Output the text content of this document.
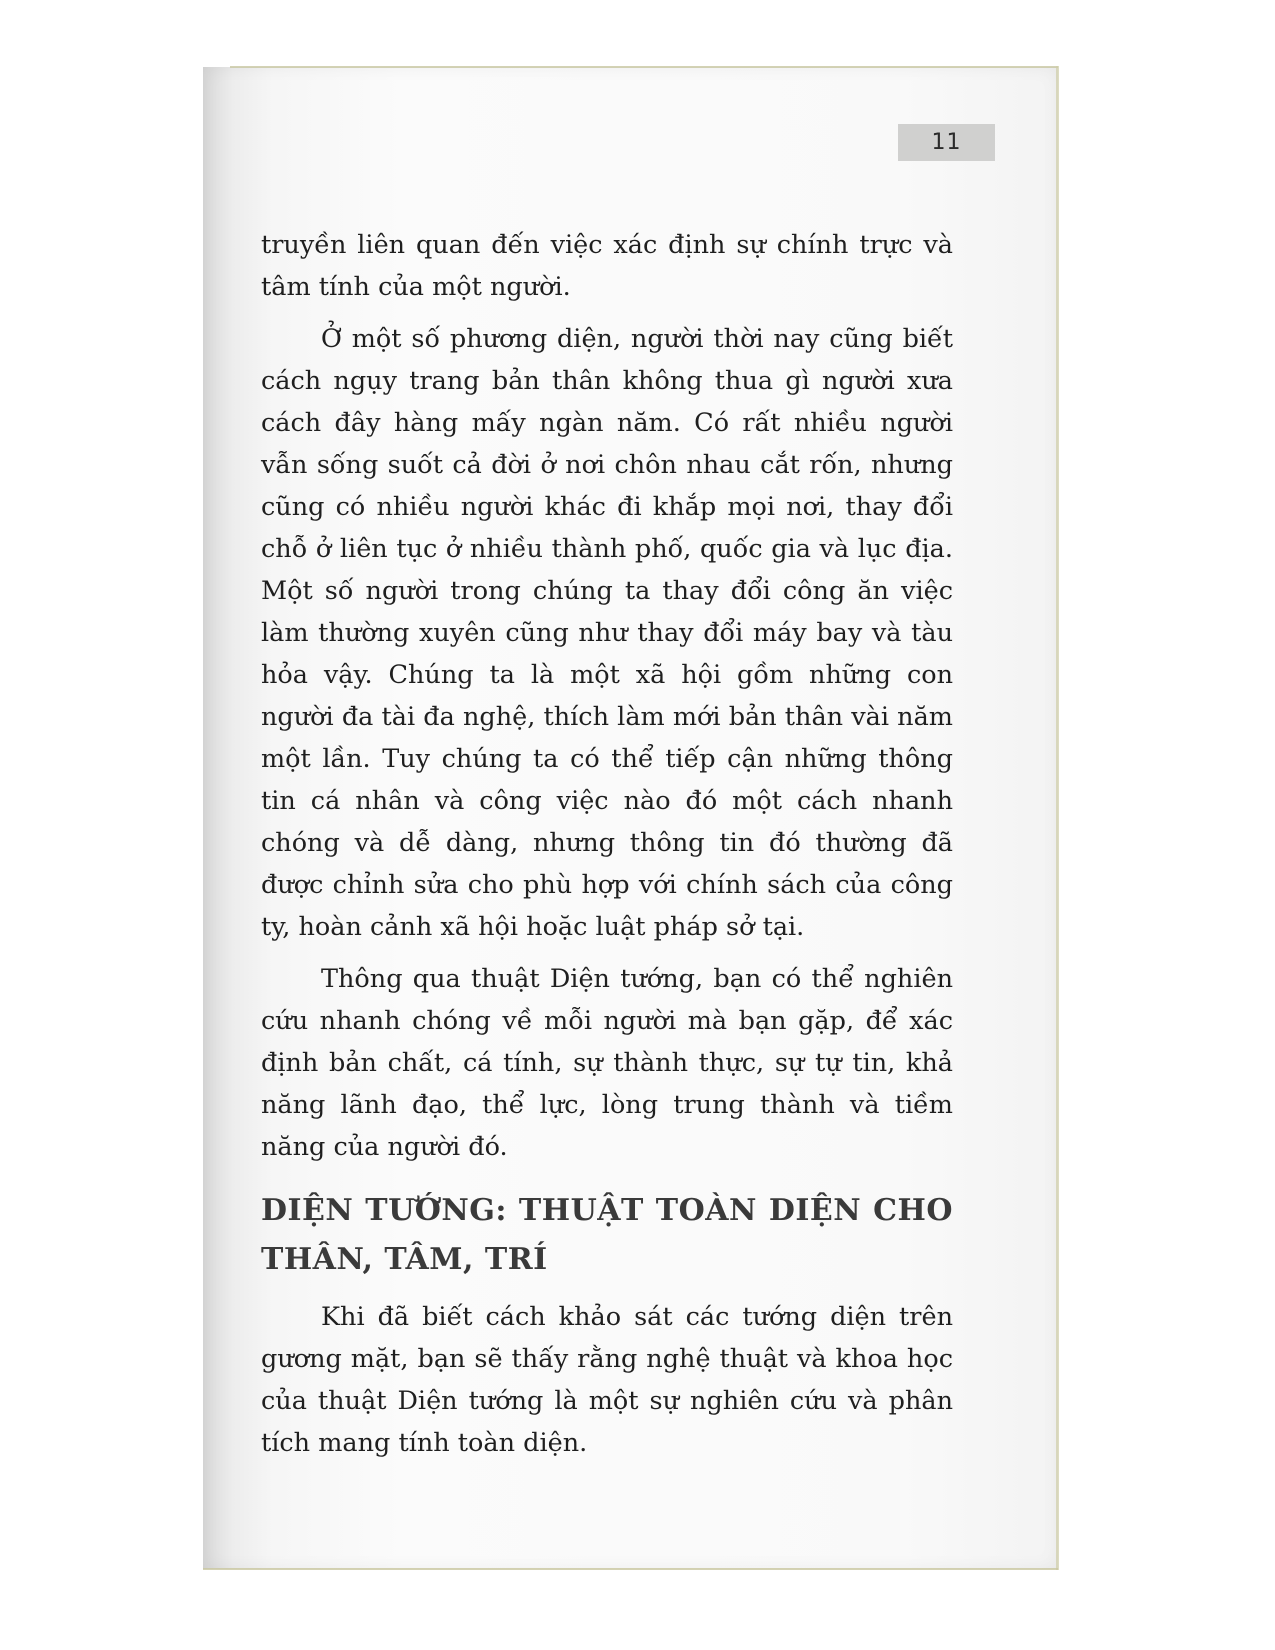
11

truyền liên quan đến việc xác định sự chính trực và tâm tính của một người.

Ở một số phương diện, người thời nay cũng biết cách ngụy trang bản thân không thua gì người xưa cách đây hàng mấy ngàn năm. Có rất nhiều người vẫn sống suốt cả đời ở nơi chôn nhau cắt rốn, nhưng cũng có nhiều người khác đi khắp mọi nơi, thay đổi chỗ ở liên tục ở nhiều thành phố, quốc gia và lục địa. Một số người trong chúng ta thay đổi công ăn việc làm thường xuyên cũng như thay đổi máy bay và tàu hỏa vậy. Chúng ta là một xã hội gồm những con người đa tài đa nghệ, thích làm mới bản thân vài năm một lần. Tuy chúng ta có thể tiếp cận những thông tin cá nhân và công việc nào đó một cách nhanh chóng và dễ dàng, nhưng thông tin đó thường đã được chỉnh sửa cho phù hợp với chính sách của công ty, hoàn cảnh xã hội hoặc luật pháp sở tại.

Thông qua thuật Diện tướng, bạn có thể nghiên cứu nhanh chóng về mỗi người mà bạn gặp, để xác định bản chất, cá tính, sự thành thực, sự tự tin, khả năng lãnh đạo, thể lực, lòng trung thành và tiềm năng của người đó.

DIỆN TƯỚNG: THUẬT TOÀN DIỆN CHO THÂN, TÂM, TRÍ

Khi đã biết cách khảo sát các tướng diện trên gương mặt, bạn sẽ thấy rằng nghệ thuật và khoa học của thuật Diện tướng là một sự nghiên cứu và phân tích mang tính toàn diện.
